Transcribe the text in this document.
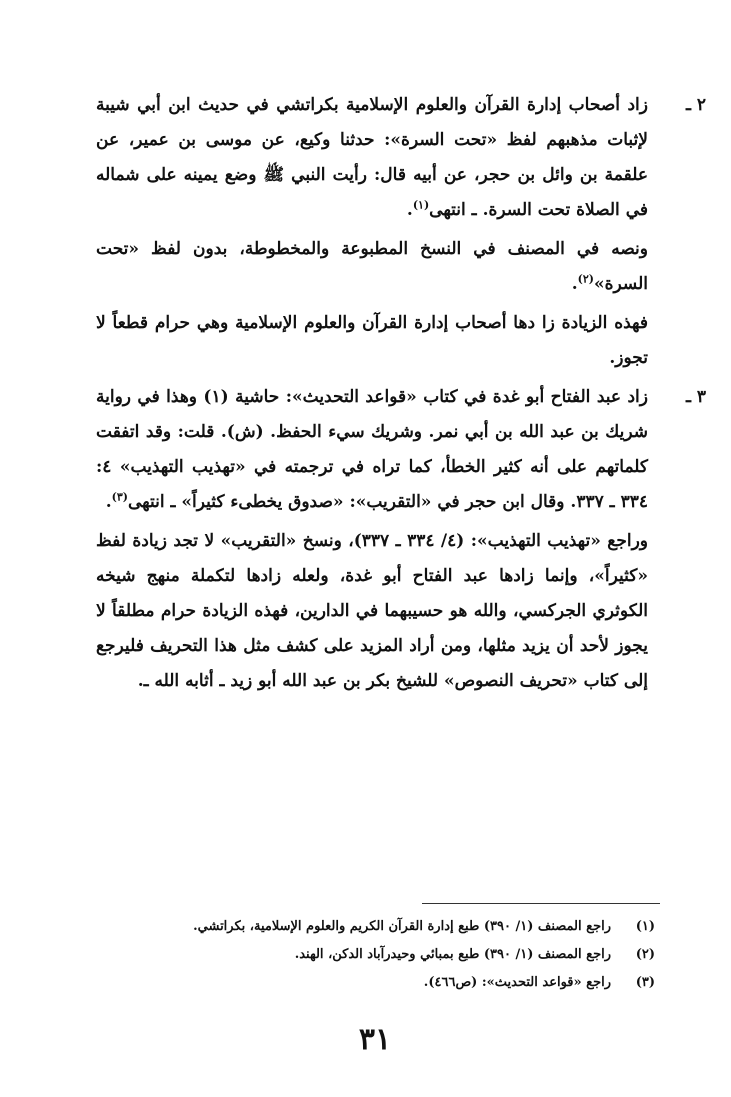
٢ ـ
زاد أصحاب إدارة القرآن والعلوم الإسلامية بكراتشي في حديث ابن أبي شيبة لإثبات مذهبهم لفظ «تحت السرة»: حدثنا وكيع، عن موسى بن عمير، عن علقمة بن وائل بن حجر، عن أبيه قال: رأيت النبي ﷺ وضع يمينه على شماله في الصلاة تحت السرة. ـ انتهى$^{(١)}$.

ونصه في المصنف في النسخ المطبوعة والمخطوطة، بدون لفظ «تحت السرة»$^{(٢)}$.

فهذه الزيادة زا دها أصحاب إدارة القرآن والعلوم الإسلامية وهي حرام قطعاً لا تجوز.

٣ ـ
زاد عبد الفتاح أبو غدة في كتاب «قواعد التحديث»: حاشية (١) وهذا في رواية شريك بن عبد الله بن أبي نمر. وشريك سيء الحفظ. (ش). قلت: وقد اتفقت كلماتهم على أنه كثير الخطأ، كما تراه في ترجمته في «تهذيب التهذيب» ٤: ٣٣٤ ـ ٣٣٧. وقال ابن حجر في «التقريب»: «صدوق يخطىء كثيراً» ـ انتهى$^{(٣)}$.

وراجع «تهذيب التهذيب»: (٤/ ٣٣٤ ـ ٣٣٧)، ونسخ «التقريب» لا تجد زيادة لفظ «كثيراً»، وإنما زادها عبد الفتاح أبو غدة، ولعله زادها لتكملة منهج شيخه الكوثري الجركسي، والله هو حسيبهما في الدارين، فهذه الزيادة حرام مطلقاً لا يجوز لأحد أن يزيد مثلها، ومن أراد المزيد على كشف مثل هذا التحريف فليرجع إلى كتاب «تحريف النصوص» للشيخ بكر بن عبد الله أبو زيد ـ أثابه الله ـ.

(١)
راجع المصنف (١/ ٣٩٠) طبع إدارة القرآن الكريم والعلوم الإسلامية، بكراتشي.
(٢)
راجع المصنف (١/ ٣٩٠) طبع بمبائي وحيدرآباد الدكن، الهند.
(٣)
راجع «قواعد التحديث»: (ص٤٦٦).
٣١
